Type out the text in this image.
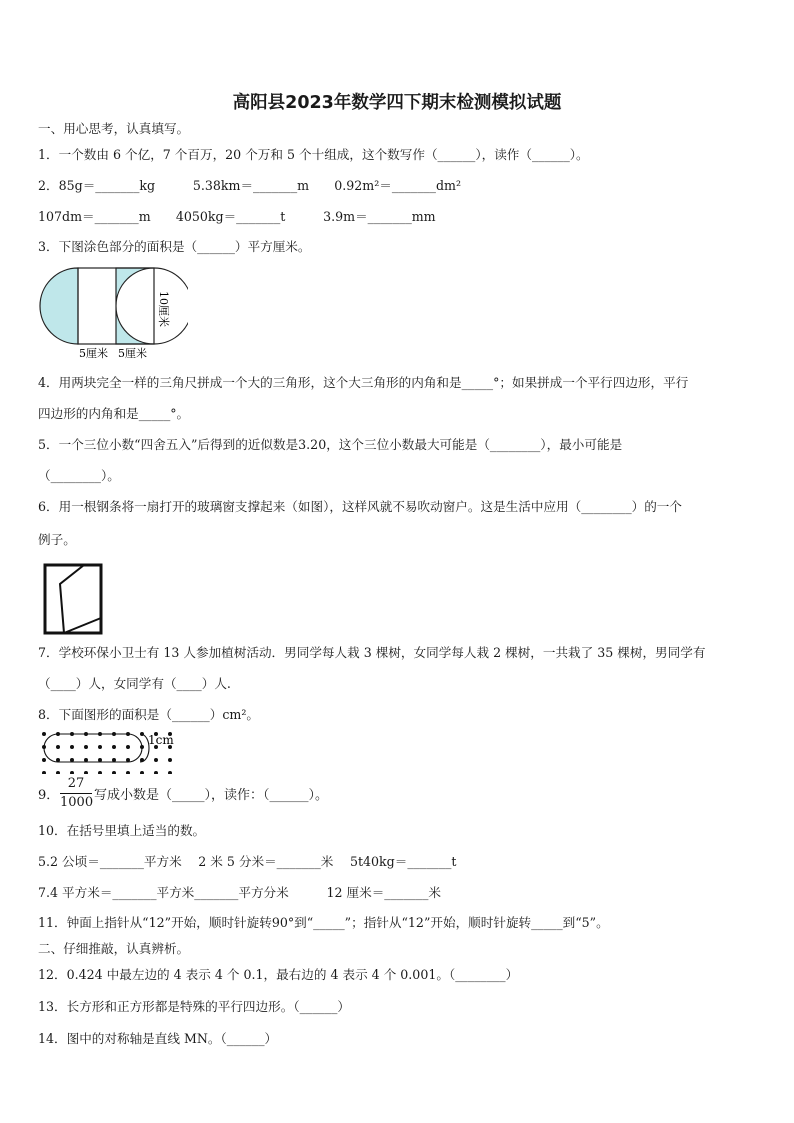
高阳县2023年数学四下期末检测模拟试题
一、用心思考，认真填写。
1．一个数由 6 个亿，7 个百万，20 个万和 5 个十组成，这个数写作（______），读作（______）。
2．85g＝_______kg　　　5.38km＝_______m　　0.92m²＝_______dm²
107dm＝_______m　　4050kg＝_______t　　　3.9m＝_______mm
3．下图涂色部分的面积是（______）平方厘米。
10厘米
5厘米 5厘米
4．用两块完全一样的三角尺拼成一个大的三角形，这个大三角形的内角和是_____°；如果拼成一个平行四边形，平行
四边形的内角和是_____°。
5．一个三位小数“四舍五入”后得到的近似数是3.20，这个三位小数最大可能是（________），最小可能是
（________）。
6．用一根钢条将一扇打开的玻璃窗支撑起来（如图），这样风就不易吹动窗户。这是生活中应用（________）的一个
例子。
7．学校环保小卫士有 13 人参加植树活动．男同学每人栽 3 棵树，女同学每人栽 2 棵树，一共栽了 35 棵树，男同学有
（____）人，女同学有（____）人.
8．下面图形的面积是（______）cm²。
1cm
9．
27
1000 写成小数是（_____），读作：（______）。
10．在括号里填上适当的数。
5.2 公顷＝_______平方米　 2 米 5 分米＝_______米　 5t40kg＝_______t
7.4 平方米＝_______平方米_______平方分米　　　12 厘米＝_______米
11．钟面上指针从“12”开始，顺时针旋转90°到“_____”；指针从“12”开始，顺时针旋转_____到“5”。
二、仔细推敲，认真辨析。
12．0.424 中最左边的 4 表示 4 个 0.1，最右边的 4 表示 4 个 0.001。（________）
13．长方形和正方形都是特殊的平行四边形。（______）
14．图中的对称轴是直线 MN。（______）
